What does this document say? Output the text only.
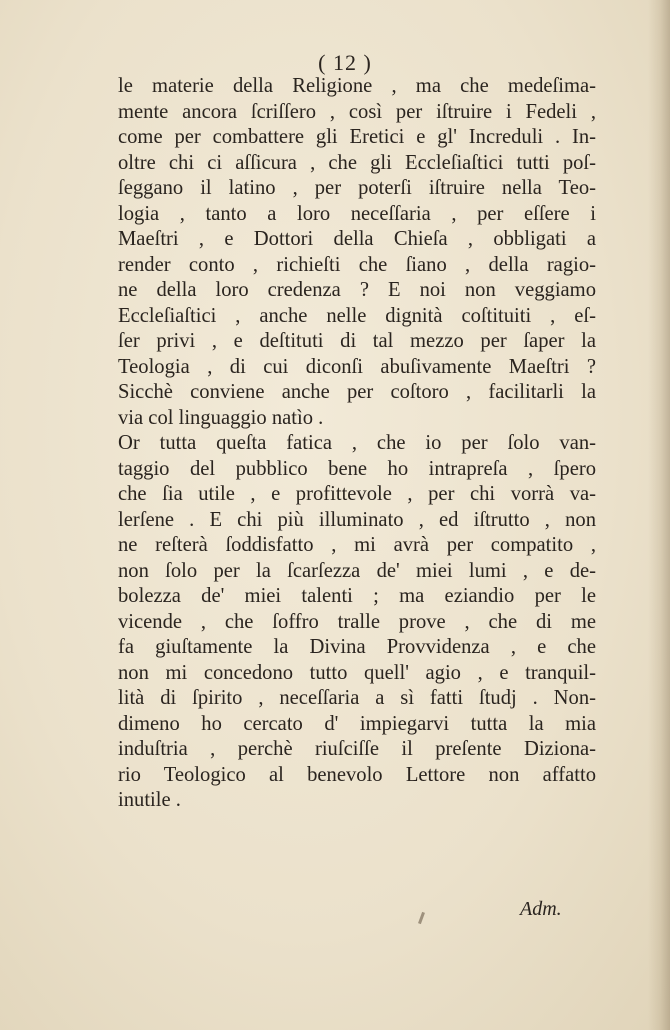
( 12 )
le materie della Religione , ma che medeſima-
mente ancora ſcriſſero , così per iſtruire i Fedeli ,
come per combattere gli Eretici e gl' Increduli . In-
oltre chi ci aſſicura , che gli Eccleſiaſtici tutti poſ-
ſeggano il latino , per poterſi iſtruire nella Teo-
logia , tanto a loro neceſſaria , per eſſere i
Maeſtri , e Dottori della Chieſa , obbligati a
render conto , richieſti che ſiano , della ragio-
ne della loro credenza ? E noi non veggiamo
Eccleſiaſtici , anche nelle dignità coſtituiti , eſ-
ſer privi , e deſtituti di tal mezzo per ſaper la
Teologia , di cui diconſi abuſivamente Maeſtri ?
Sicchè conviene anche per coſtoro , facilitarli la
via col linguaggio natìo .
Or tutta queſta fatica , che io per ſolo van-
taggio del pubblico bene ho intrapreſa , ſpero
che ſia utile , e profittevole , per chi vorrà va-
lerſene . E chi più illuminato , ed iſtrutto , non
ne reſterà ſoddisfatto , mi avrà per compatito ,
non ſolo per la ſcarſezza de' miei lumi , e de-
bolezza de' miei talenti ; ma eziandio per le
vicende , che ſoffro tralle prove , che di me
fa giuſtamente la Divina Provvidenza , e che
non mi concedono tutto quell' agio , e tranquil-
lità di ſpirito , neceſſaria a sì fatti ſtudj . Non-
dimeno ho cercato d' impiegarvi tutta la mia
induſtria , perchè riuſciſſe il preſente Diziona-
rio Teologico al benevolo Lettore non affatto
inutile .
Adm.
